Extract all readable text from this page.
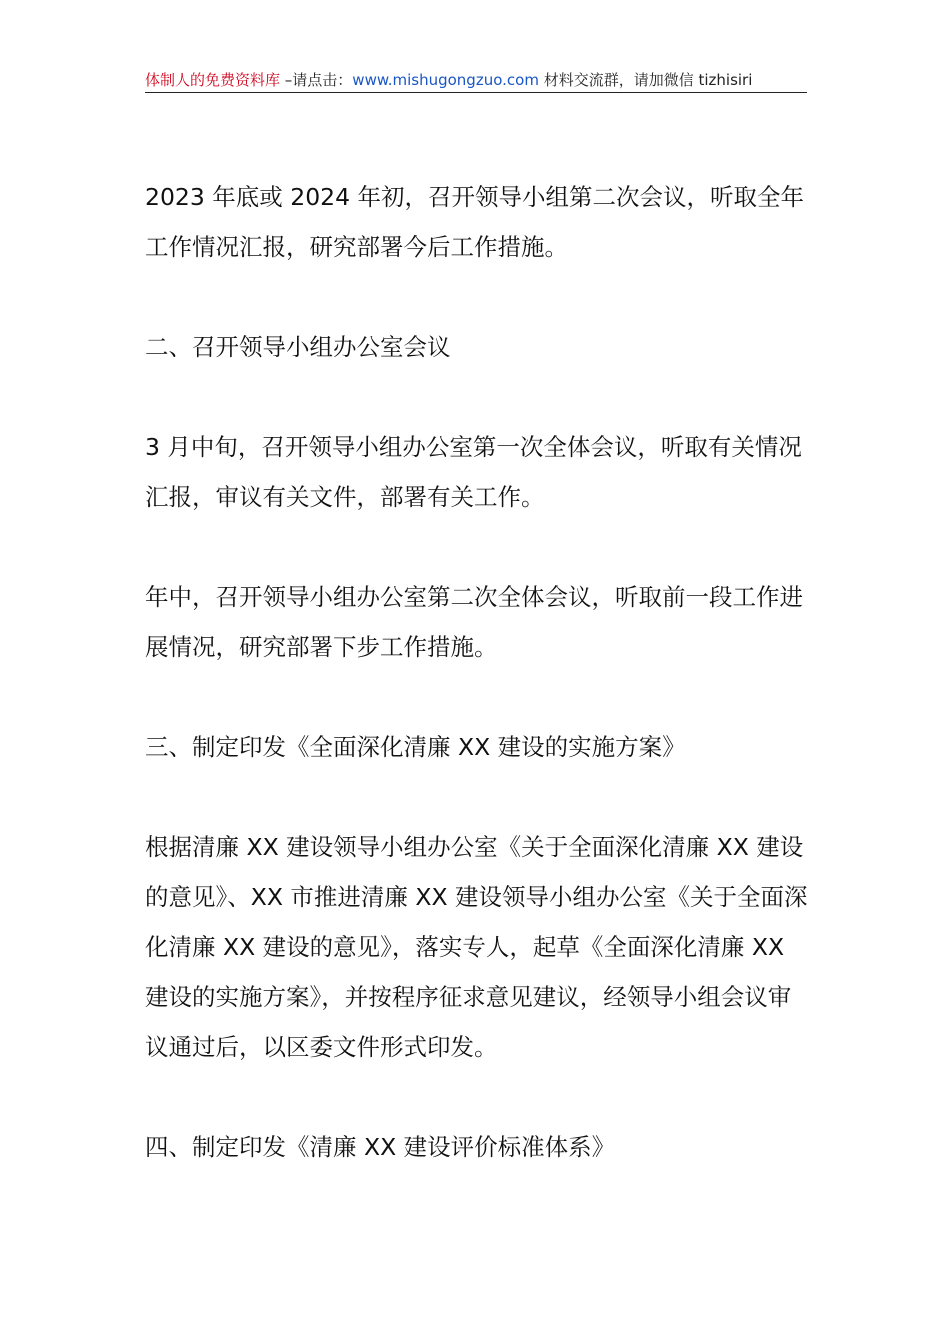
体制人的免费资料库 –请点击：www.mishugongzuo.com 材料交流群，请加微信 tizhisiri

2023 年底或 2024 年初，召开领导小组第二次会议，听取全年工作情况汇报，研究部署今后工作措施。

二、召开领导小组办公室会议

3 月中旬，召开领导小组办公室第一次全体会议，听取有关情况汇报，审议有关文件，部署有关工作。

年中，召开领导小组办公室第二次全体会议，听取前一段工作进展情况，研究部署下步工作措施。

三、制定印发《全面深化清廉 XX 建设的实施方案》

根据清廉 XX 建设领导小组办公室《关于全面深化清廉 XX 建设的意见》、XX 市推进清廉 XX 建设领导小组办公室《关于全面深化清廉 XX 建设的意见》，落实专人，起草《全面深化清廉 XX 建设的实施方案》，并按程序征求意见建议，经领导小组会议审议通过后，以区委文件形式印发。

四、制定印发《清廉 XX 建设评价标准体系》
